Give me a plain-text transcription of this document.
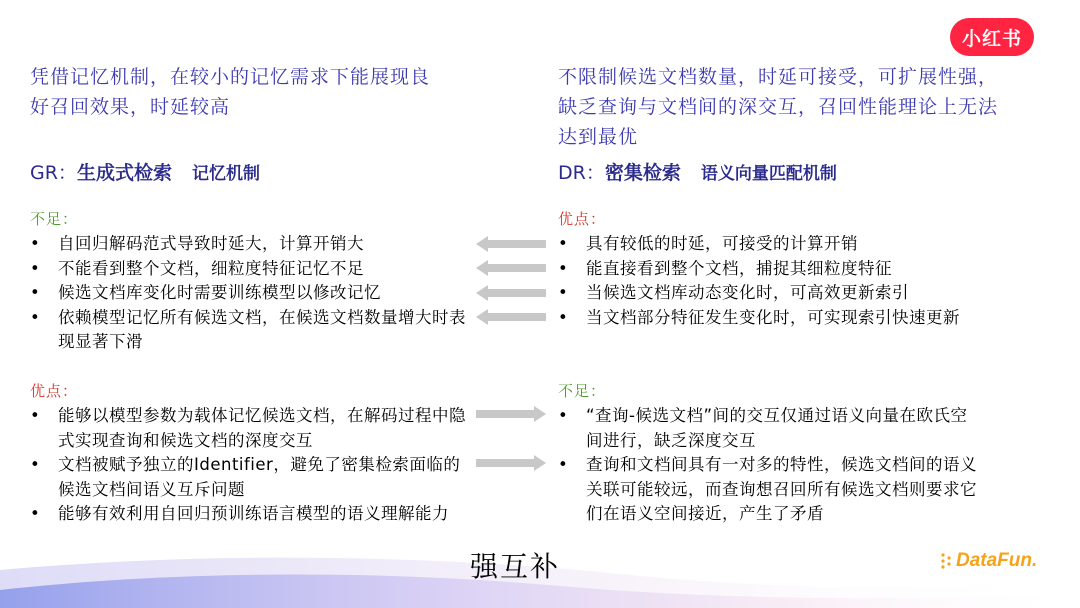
小红书
凭借记忆机制，在较小的记忆需求下能展现良好召回效果，时延较高
GR： 生成式检索 记忆机制
不足：
• 自回归解码范式导致时延大，计算开销大
• 不能看到整个文档，细粒度特征记忆不足
• 候选文档库变化时需要训练模型以修改记忆
• 依赖模型记忆所有候选文档，在候选文档数量增大时表现显著下滑
优点：
• 能够以模型参数为载体记忆候选文档，在解码过程中隐式实现查询和候选文档的深度交互
• 文档被赋予独立的Identifier，避免了密集检索面临的候选文档间语义互斥问题
• 能够有效利用自回归预训练语言模型的语义理解能力
不限制候选文档数量，时延可接受，可扩展性强，缺乏查询与文档间的深交互，召回性能理论上无法达到最优
DR： 密集检索 语义向量匹配机制
优点：
• 具有较低的时延，可接受的计算开销
• 能直接看到整个文档，捕捉其细粒度特征
• 当候选文档库动态变化时，可高效更新索引
• 当文档部分特征发生变化时，可实现索引快速更新
不足：
• “查询-候选文档”间的交互仅通过语义向量在欧氏空间进行，缺乏深度交互
• 查询和文档间具有一对多的特性，候选文档间的语义关联可能较远，而查询想召回所有候选文档则要求它们在语义空间接近，产生了矛盾
强互补	DataFun.
